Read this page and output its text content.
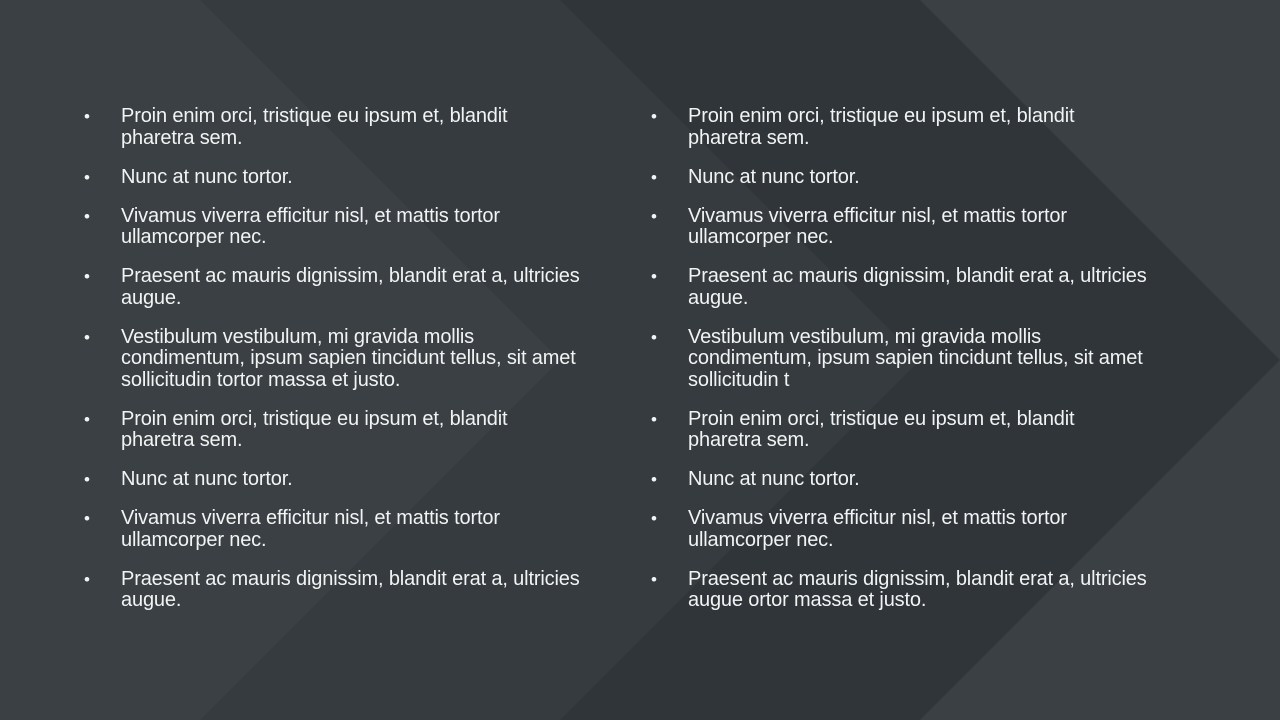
• Proin enim orci, tristique eu ipsum et, blandit pharetra sem.
• Nunc at nunc tortor.
• Vivamus viverra efficitur nisl, et mattis tortor ullamcorper nec.
• Praesent ac mauris dignissim, blandit erat a, ultricies augue.
• Vestibulum vestibulum, mi gravida mollis condimentum, ipsum sapien tincidunt tellus, sit amet sollicitudin tortor massa et justo.
• Proin enim orci, tristique eu ipsum et, blandit pharetra sem.
• Nunc at nunc tortor.
• Vivamus viverra efficitur nisl, et mattis tortor ullamcorper nec.
• Praesent ac mauris dignissim, blandit erat a, ultricies augue.
• Proin enim orci, tristique eu ipsum et, blandit pharetra sem.
• Nunc at nunc tortor.
• Vivamus viverra efficitur nisl, et mattis tortor ullamcorper nec.
• Praesent ac mauris dignissim, blandit erat a, ultricies augue.
• Vestibulum vestibulum, mi gravida mollis condimentum, ipsum sapien tincidunt tellus, sit amet sollicitudin t
• Proin enim orci, tristique eu ipsum et, blandit pharetra sem.
• Nunc at nunc tortor.
• Vivamus viverra efficitur nisl, et mattis tortor ullamcorper nec.
• Praesent ac mauris dignissim, blandit erat a, ultricies augue ortor massa et justo.
